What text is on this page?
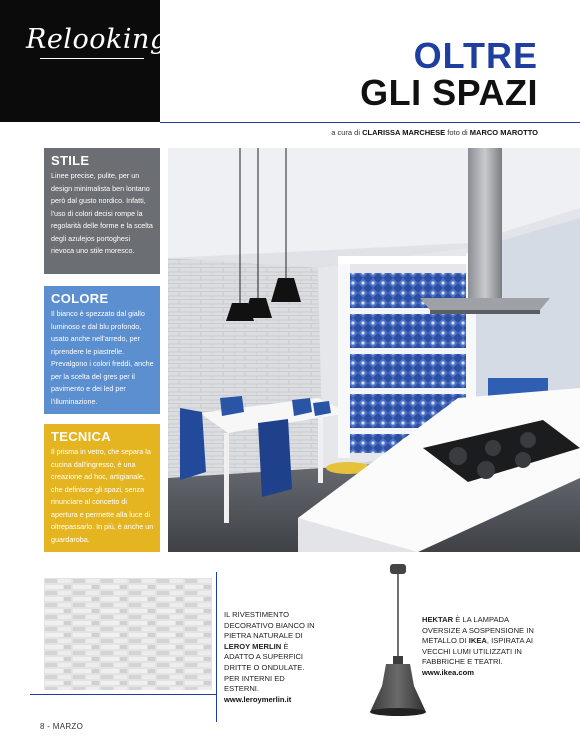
Relooking	OLTRE
GLI SPAZI
a cura di CLARISSA MARCHESE foto di MARCO MAROTTO
STILE
Linee precise, pulite, per un design minimalista ben lontano però dal gusto nordico. Infatti, l'uso di colori decisi rompe la regolarità delle forme e la scelta degli azulejos portoghesi rievoca uno stile moresco.
COLORE
Il bianco è spezzato dal giallo luminoso e dal blu profondo, usato anche nell'arredo, per riprendere le piastrelle. Prevalgono i colori freddi, anche per la scelta del gres per il pavimento e dei led per l'illuminazione.
TECNICA
Il prisma in vetro, che separa la cucina dall'ingresso, è una creazione ad hoc, artigianale, che definisce gli spazi, senza rinunciare al concetto di apertura e permette alla luce di oltrepassarlo. In più, è anche un guardaroba.
IL RIVESTIMENTO DECORATIVO BIANCO IN PIETRA NATURALE DI LEROY MERLIN È ADATTO A SUPERFICI DRITTE O ONDULATE. PER INTERNI ED ESTERNI.
www.leroymerlin.it
HEKTAR È LA LAMPADA OVERSIZE A SOSPENSIONE IN METALLO DI IKEA, ISPIRATA AI VECCHI LUMI UTILIZZATI IN FABBRICHE E TEATRI.
www.ikea.com
8 - MARZO
